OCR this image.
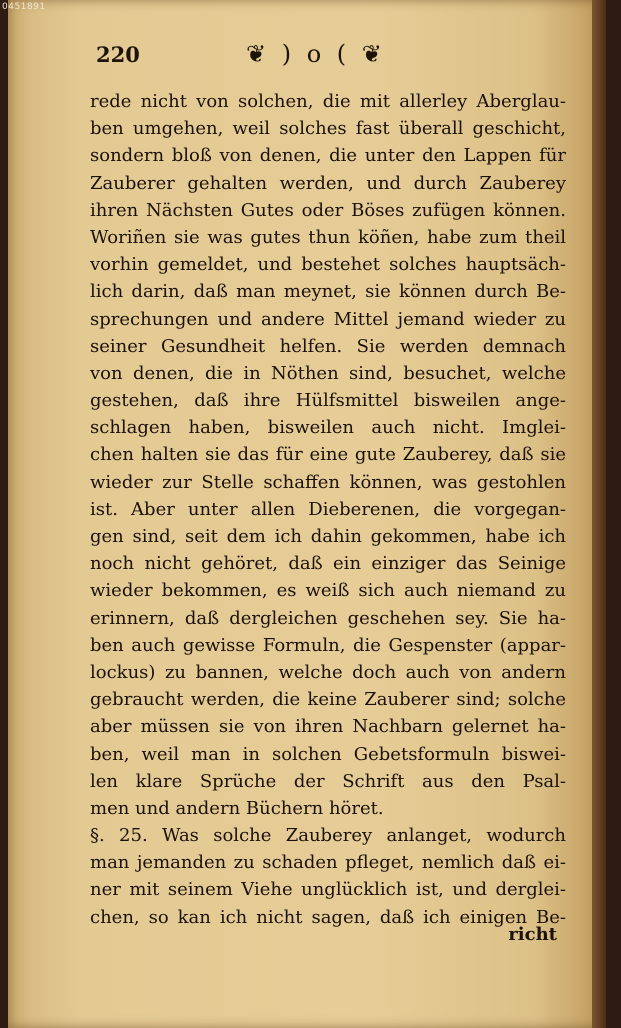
0451891
220	❦ ) o ( ❦
rede nicht von solchen, die mit allerley Aberglau-
ben umgehen, weil solches fast überall geschicht,
sondern bloß von denen, die unter den Lappen für
Zauberer gehalten werden, und durch Zauberey
ihren Nächsten Gutes oder Böses zufügen können.
Woriñen sie was gutes thun köñen, habe zum theil
vorhin gemeldet, und bestehet solches hauptsäch-
lich darin, daß man meynet, sie können durch Be-
sprechungen und andere Mittel jemand wieder zu
seiner Gesundheit helfen. Sie werden demnach
von denen, die in Nöthen sind, besuchet, welche
gestehen, daß ihre Hülfsmittel bisweilen ange-
schlagen haben, bisweilen auch nicht. Imglei-
chen halten sie das für eine gute Zauberey, daß sie
wieder zur Stelle schaffen können, was gestohlen
ist. Aber unter allen Dieberenen, die vorgegan-
gen sind, seit dem ich dahin gekommen, habe ich
noch nicht gehöret, daß ein einziger das Seinige
wieder bekommen, es weiß sich auch niemand zu
erinnern, daß dergleichen geschehen sey. Sie ha-
ben auch gewisse Formuln, die Gespenster (appar-
lockus) zu bannen, welche doch auch von andern
gebraucht werden, die keine Zauberer sind; solche
aber müssen sie von ihren Nachbarn gelernet ha-
ben, weil man in solchen Gebetsformuln biswei-
len klare Sprüche der Schrift aus den Psal-
men und andern Büchern höret.
§. 25. Was solche Zauberey anlanget, wodurch
man jemanden zu schaden pfleget, nemlich daß ei-
ner mit seinem Viehe unglücklich ist, und derglei-
chen, so kan ich nicht sagen, daß ich einigen Be-
richt
